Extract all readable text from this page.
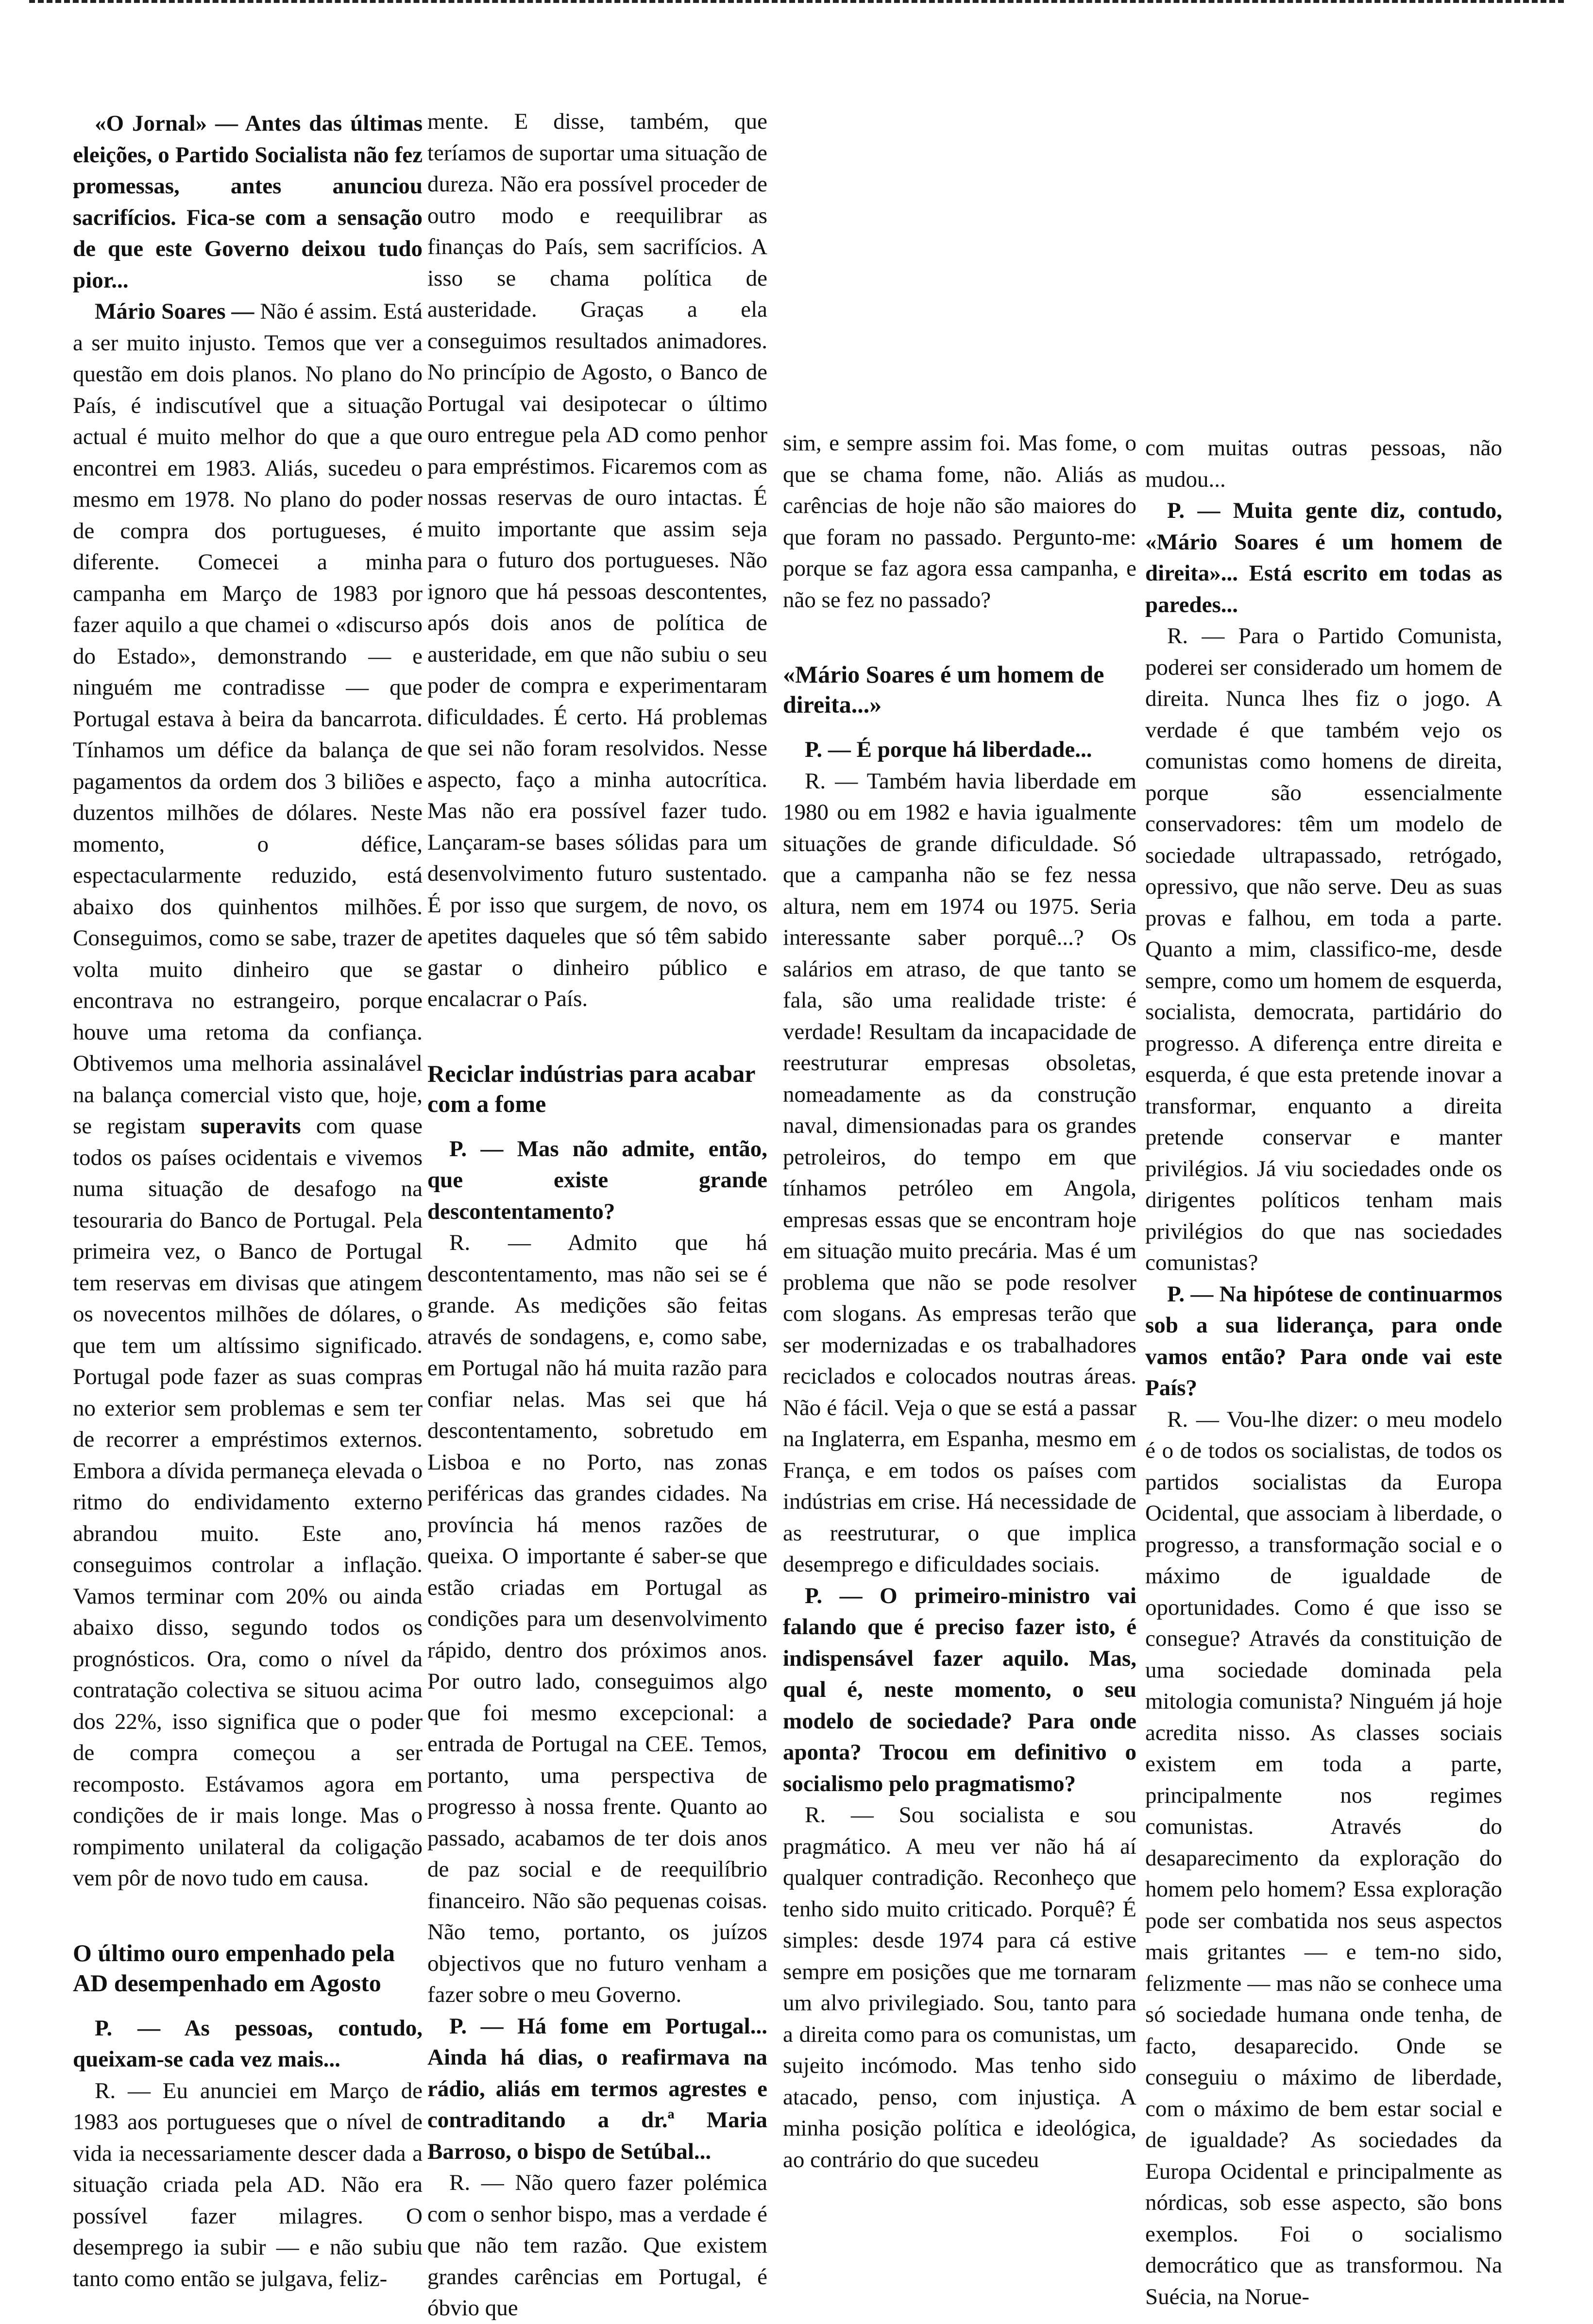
«O Jornal» — Antes das últimas eleições, o Partido Socialista não fez promessas, antes anunciou sacrifícios. Fica-se com a sensação de que este Governo deixou tudo pior...

Mário Soares — Não é assim. Está a ser muito injusto. Temos que ver a questão em dois planos. No plano do País, é indiscutível que a situação actual é muito melhor do que a que encontrei em 1983. Aliás, sucedeu o mesmo em 1978. No plano do poder de compra dos portugueses, é diferente. Comecei a minha campanha em Março de 1983 por fazer aquilo a que chamei o «discurso do Estado», demonstrando — e ninguém me contradisse — que Portugal estava à beira da bancarrota. Tínhamos um défice da balança de pagamentos da ordem dos 3 biliões e duzentos milhões de dólares. Neste momento, o défice, espectacularmente reduzido, está abaixo dos quinhentos milhões. Conseguimos, como se sabe, trazer de volta muito dinheiro que se encontrava no estrangeiro, porque houve uma retoma da confiança. Obtivemos uma melhoria assinalável na balança comercial visto que, hoje, se registam superavits com quase todos os países ocidentais e vivemos numa situação de desafogo na tesouraria do Banco de Portugal. Pela primeira vez, o Banco de Portugal tem reservas em divisas que atingem os novecentos milhões de dólares, o que tem um altíssimo significado. Portugal pode fazer as suas compras no exterior sem problemas e sem ter de recorrer a empréstimos externos. Embora a dívida permaneça elevada o ritmo do endividamento externo abrandou muito. Este ano, conseguimos controlar a inflação. Vamos terminar com 20% ou ainda abaixo disso, segundo todos os prognósticos. Ora, como o nível da contratação colectiva se situou acima dos 22%, isso significa que o poder de compra começou a ser recomposto. Estávamos agora em condições de ir mais longe. Mas o rompimento unilateral da coligação vem pôr de novo tudo em causa.

O último ouro empenhado pela AD desempenhado em Agosto

P. — As pessoas, contudo, queixam-se cada vez mais...

R. — Eu anunciei em Março de 1983 aos portugueses que o nível de vida ia necessariamente descer dada a situação criada pela AD. Não era possível fazer milagres. O desemprego ia subir — e não subiu tanto como então se julgava, feliz-

mente. E disse, também, que teríamos de suportar uma situação de dureza. Não era possível proceder de outro modo e reequilibrar as finanças do País, sem sacrifícios. A isso se chama política de austeridade. Graças a ela conseguimos resultados animadores. No princípio de Agosto, o Banco de Portugal vai desipotecar o último ouro entregue pela AD como penhor para empréstimos. Ficaremos com as nossas reservas de ouro intactas. É muito importante que assim seja para o futuro dos portugueses. Não ignoro que há pessoas descontentes, após dois anos de política de austeridade, em que não subiu o seu poder de compra e experimentaram dificuldades. É certo. Há problemas que sei não foram resolvidos. Nesse aspecto, faço a minha autocrítica. Mas não era possível fazer tudo. Lançaram-se bases sólidas para um desenvolvimento futuro sustentado. É por isso que surgem, de novo, os apetites daqueles que só têm sabido gastar o dinheiro público e encalacrar o País.

Reciclar indústrias para acabar com a fome

P. — Mas não admite, então, que existe grande descontentamento?

R. — Admito que há descontentamento, mas não sei se é grande. As medições são feitas através de sondagens, e, como sabe, em Portugal não há muita razão para confiar nelas. Mas sei que há descontentamento, sobretudo em Lisboa e no Porto, nas zonas periféricas das grandes cidades. Na província há menos razões de queixa. O importante é saber-se que estão criadas em Portugal as condições para um desenvolvimento rápido, dentro dos próximos anos. Por outro lado, conseguimos algo que foi mesmo excepcional: a entrada de Portugal na CEE. Temos, portanto, uma perspectiva de progresso à nossa frente. Quanto ao passado, acabamos de ter dois anos de paz social e de reequilíbrio financeiro. Não são pequenas coisas. Não temo, portanto, os juízos objectivos que no futuro venham a fazer sobre o meu Governo.

P. — Há fome em Portugal... Ainda há dias, o reafirmava na rádio, aliás em termos agrestes e contraditando a dr.ª Maria Barroso, o bispo de Setúbal...

R. — Não quero fazer polémica com o senhor bispo, mas a verdade é que não tem razão. Que existem grandes carências em Portugal, é óbvio que

sim, e sempre assim foi. Mas fome, o que se chama fome, não. Aliás as carências de hoje não são maiores do que foram no passado. Pergunto-me: porque se faz agora essa campanha, e não se fez no passado?

«Mário Soares é um homem de direita...»

P. — É porque há liberdade...

R. — Também havia liberdade em 1980 ou em 1982 e havia igualmente situações de grande dificuldade. Só que a campanha não se fez nessa altura, nem em 1974 ou 1975. Seria interessante saber porquê...? Os salários em atraso, de que tanto se fala, são uma realidade triste: é verdade! Resultam da incapacidade de reestruturar empresas obsoletas, nomeadamente as da construção naval, dimensionadas para os grandes petroleiros, do tempo em que tínhamos petróleo em Angola, empresas essas que se encontram hoje em situação muito precária. Mas é um problema que não se pode resolver com slogans. As empresas terão que ser modernizadas e os trabalhadores reciclados e colocados noutras áreas. Não é fácil. Veja o que se está a passar na Inglaterra, em Espanha, mesmo em França, e em todos os países com indústrias em crise. Há necessidade de as reestruturar, o que implica desemprego e dificuldades sociais.

P. — O primeiro-ministro vai falando que é preciso fazer isto, é indispensável fazer aquilo. Mas, qual é, neste momento, o seu modelo de sociedade? Para onde aponta? Trocou em definitivo o socialismo pelo pragmatismo?

R. — Sou socialista e sou pragmático. A meu ver não há aí qualquer contradição. Reconheço que tenho sido muito criticado. Porquê? É simples: desde 1974 para cá estive sempre em posições que me tornaram um alvo privilegiado. Sou, tanto para a direita como para os comunistas, um sujeito incómodo. Mas tenho sido atacado, penso, com injustiça. A minha posição política e ideológica, ao contrário do que sucedeu

com muitas outras pessoas, não mudou...

P. — Muita gente diz, contudo, «Mário Soares é um homem de direita»... Está escrito em todas as paredes...

R. — Para o Partido Comunista, poderei ser considerado um homem de direita. Nunca lhes fiz o jogo. A verdade é que também vejo os comunistas como homens de direita, porque são essencialmente conservadores: têm um modelo de sociedade ultrapassado, retrógado, opressivo, que não serve. Deu as suas provas e falhou, em toda a parte. Quanto a mim, classifico-me, desde sempre, como um homem de esquerda, socialista, democrata, partidário do progresso. A diferença entre direita e esquerda, é que esta pretende inovar a transformar, enquanto a direita pretende conservar e manter privilégios. Já viu sociedades onde os dirigentes políticos tenham mais privilégios do que nas sociedades comunistas?

P. — Na hipótese de continuarmos sob a sua liderança, para onde vamos então? Para onde vai este País?

R. — Vou-lhe dizer: o meu modelo é o de todos os socialistas, de todos os partidos socialistas da Europa Ocidental, que associam à liberdade, o progresso, a transformação social e o máximo de igualdade de oportunidades. Como é que isso se consegue? Através da constituição de uma sociedade dominada pela mitologia comunista? Ninguém já hoje acredita nisso. As classes sociais existem em toda a parte, principalmente nos regimes comunistas. Através do desaparecimento da exploração do homem pelo homem? Essa exploração pode ser combatida nos seus aspectos mais gritantes — e tem-no sido, felizmente — mas não se conhece uma só sociedade humana onde tenha, de facto, desaparecido. Onde se conseguiu o máximo de liberdade, com o máximo de bem estar social e de igualdade? As sociedades da Europa Ocidental e principalmente as nórdicas, sob esse aspecto, são bons exemplos. Foi o socialismo democrático que as transformou. Na Suécia, na Norue-
